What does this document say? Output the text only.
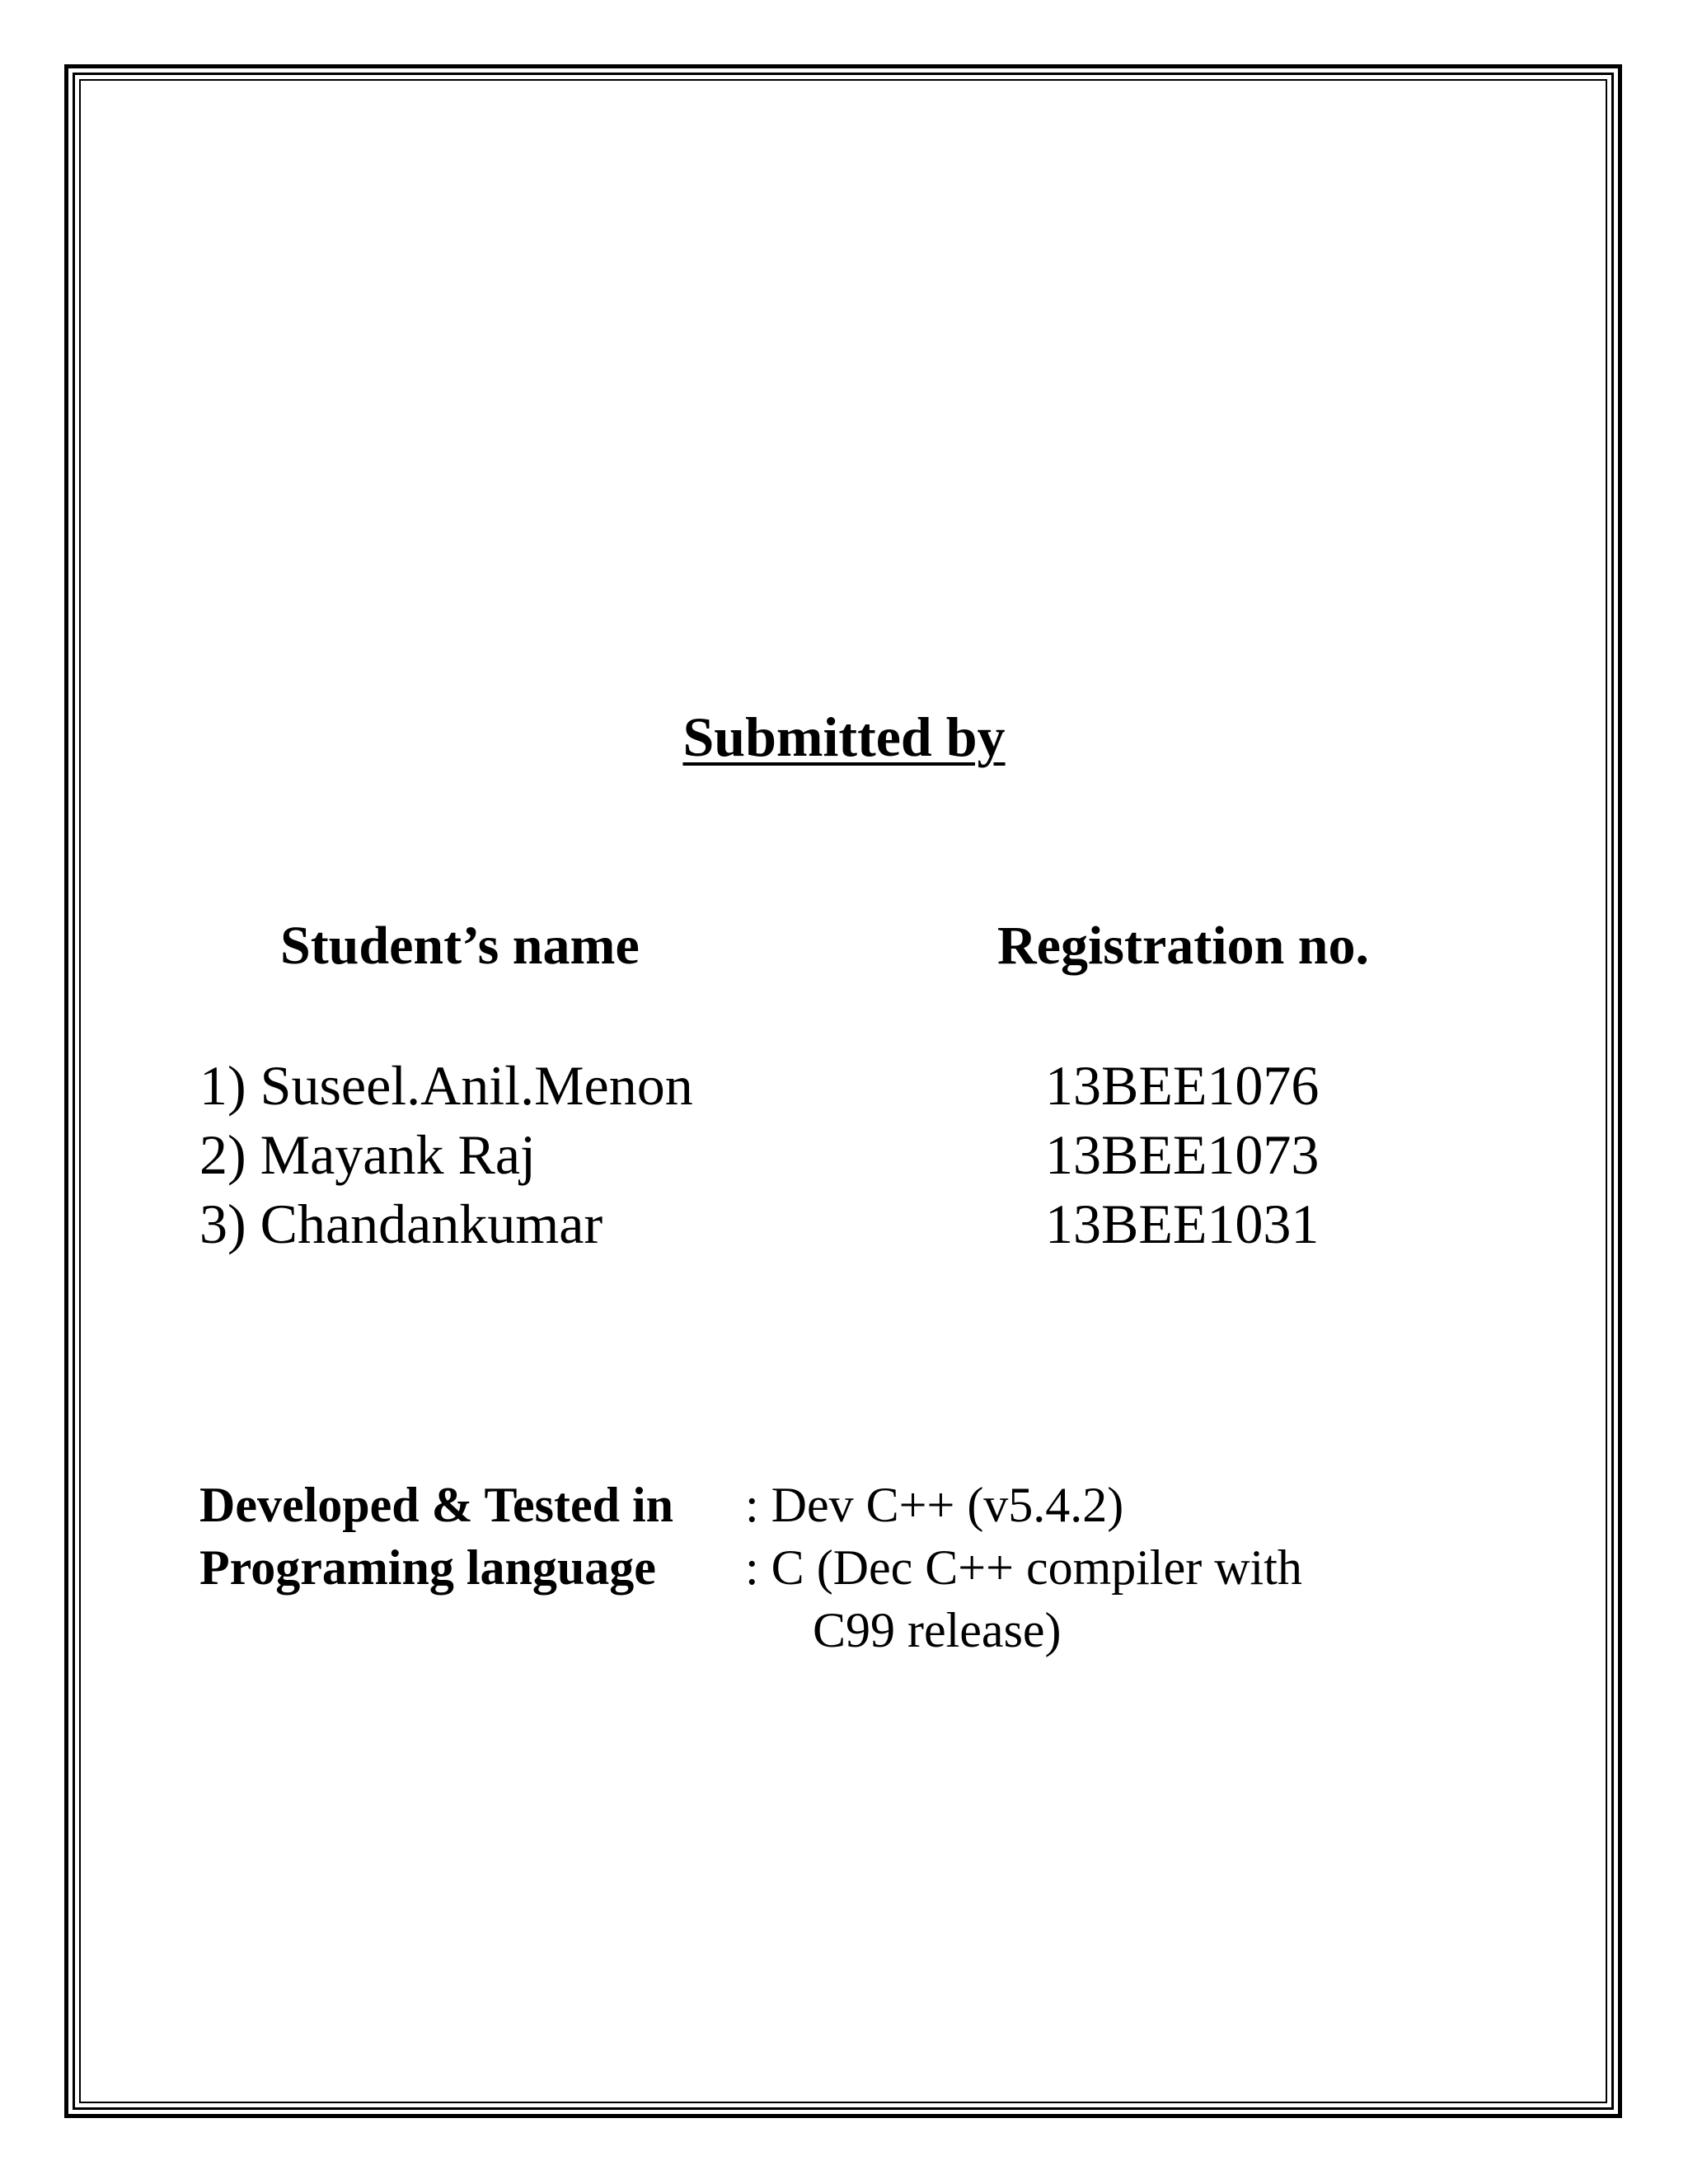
Submitted by
Student’s name	Registration no.
1) Suseel.Anil.Menon	13BEE1076
2) Mayank Raj	13BEE1073
3) Chandankumar	13BEE1031
Developed & Tested in : Dev C++ (v5.4.2)
Programing language : C (Dec C++ compiler with
C99 release)
